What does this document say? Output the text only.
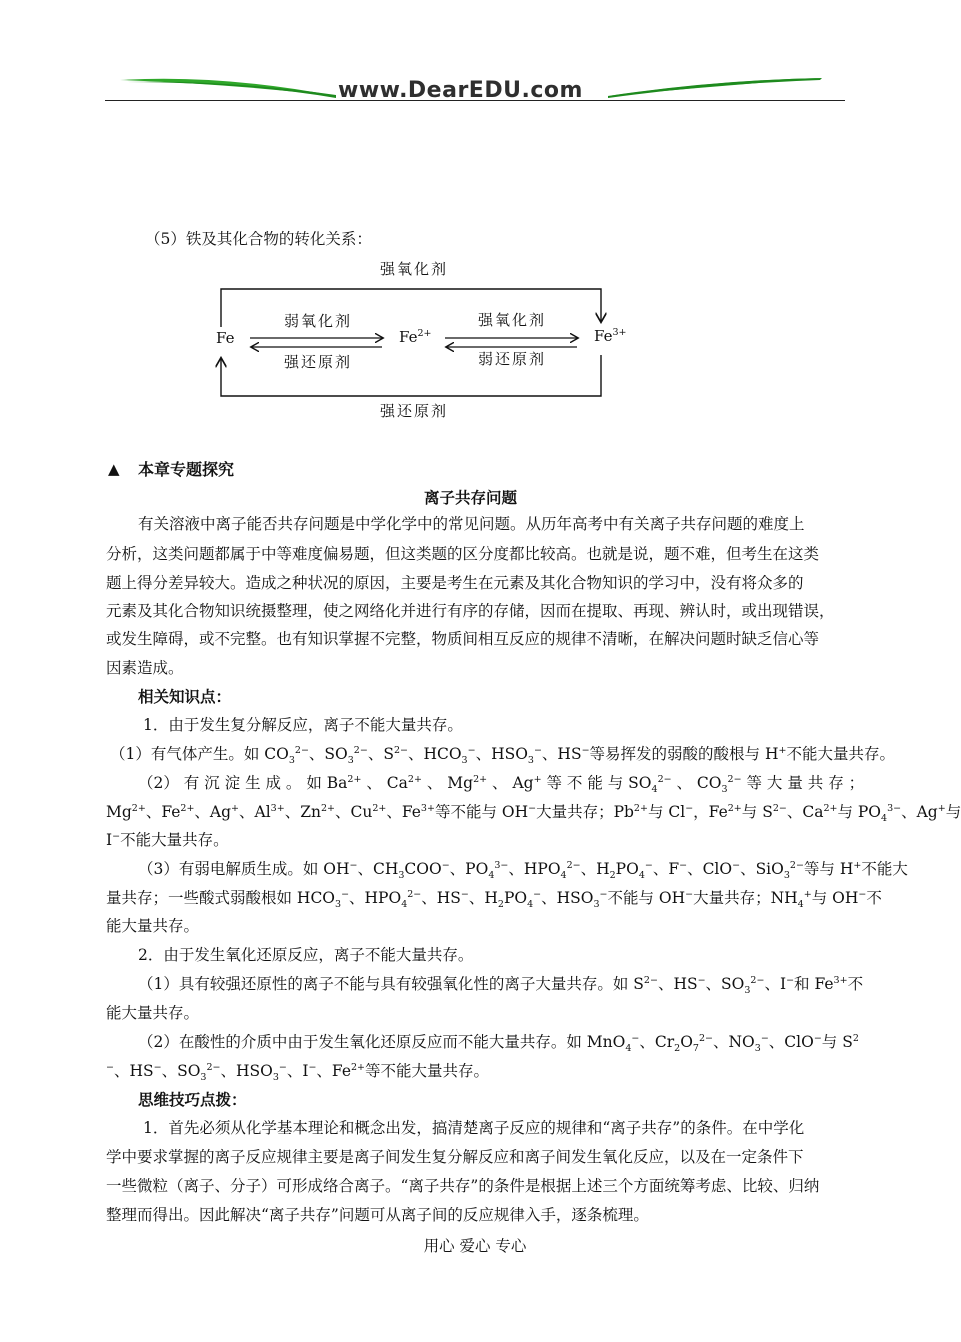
www.DearEDU.com
（5）铁及其化合物的转化关系：
强氧化剂
强还原剂
Fe	$Fe^{2+}$	$Fe^{3+}$
弱氧化剂
强还原剂
强氧化剂
弱还原剂
▲ 本章专题探究
离子共存问题
有关溶液中离子能否共存问题是中学化学中的常见问题。从历年高考中有关离子共存问题的难度上
分析，这类问题都属于中等难度偏易题，但这类题的区分度都比较高。也就是说，题不难，但考生在这类
题上得分差异较大。造成之种状况的原因，主要是考生在元素及其化合物知识的学习中，没有将众多的
元素及其化合物知识统摄整理，使之网络化并进行有序的存储，因而在提取、再现、辨认时，或出现错误，
或发生障碍，或不完整。也有知识掌握不完整，物质间相互反应的规律不清晰，在解决问题时缺乏信心等
因素造成。
相关知识点：
1．由于发生复分解反应，离子不能大量共存。
（1）有气体产生。如 $CO_3^{2-}$、$SO_3^{2-}$、$S^{2-}$、$HCO_3^-$、$HSO_3^-$、HS−等易挥发的弱酸的酸根与 H+不能大量共存。
（2） 有 沉 淀 生 成 。 如 $Ba^{2+}$ 、 $Ca^{2+}$ 、 $Mg^{2+}$ 、 Ag+ 等 不 能 与 $SO_4^{2-}$ 、 $CO_3^{2-}$ 等 大 量 共 存 ；
$Mg^{2+}$、$Fe^{2+}$、Ag+、$Al^{3+}$、$Zn^{2+}$、$Cu^{2+}$、$Fe^{3+}$等不能与 OH−大量共存；$Pb^{2+}$与 Cl−，$Fe^{2+}$与 $S^{2-}$、$Ca^{2+}$与 $PO_4^{3-}$、Ag+与
I−不能大量共存。
（3）有弱电解质生成。如 OH−、$CH_3COO^-$、$PO_4^{3-}$、$HPO_4^{2-}$、$H_2PO_4^-$、F−、ClO−、SiO$_3^{2-}$等与 H+不能大
量共存；一些酸式弱酸根如 $HCO_3^-$、$HPO_4^{2-}$、HS−、$H_2PO_4^-$、$HSO_3^-$不能与 OH−大量共存；$NH_4^+$与 OH−不
能大量共存。
2．由于发生氧化还原反应，离子不能大量共存。
（1）具有较强还原性的离子不能与具有较强氧化性的离子大量共存。如 $S^{2-}$、HS−、$SO_3^{2-}$、I−和 $Fe^{3+}$不
能大量共存。
（2）在酸性的介质中由于发生氧化还原反应而不能大量共存。如 MnO$_4$−、$Cr_2O_7^{2-}$、$NO_3^-$、ClO−与 $S^2$
−、HS−、$SO_3^{2-}$、$HSO_3^-$、I−、$Fe^{2+}$等不能大量共存。
思维技巧点拨：
1．首先必须从化学基本理论和概念出发，搞清楚离子反应的规律和“离子共存”的条件。在中学化
学中要求掌握的离子反应规律主要是离子间发生复分解反应和离子间发生氧化反应，以及在一定条件下
一些微粒（离子、分子）可形成络合离子。“离子共存”的条件是根据上述三个方面统筹考虑、比较、归纳
整理而得出。因此解决“离子共存”问题可从离子间的反应规律入手，逐条梳理。
用心 爱心 专心
